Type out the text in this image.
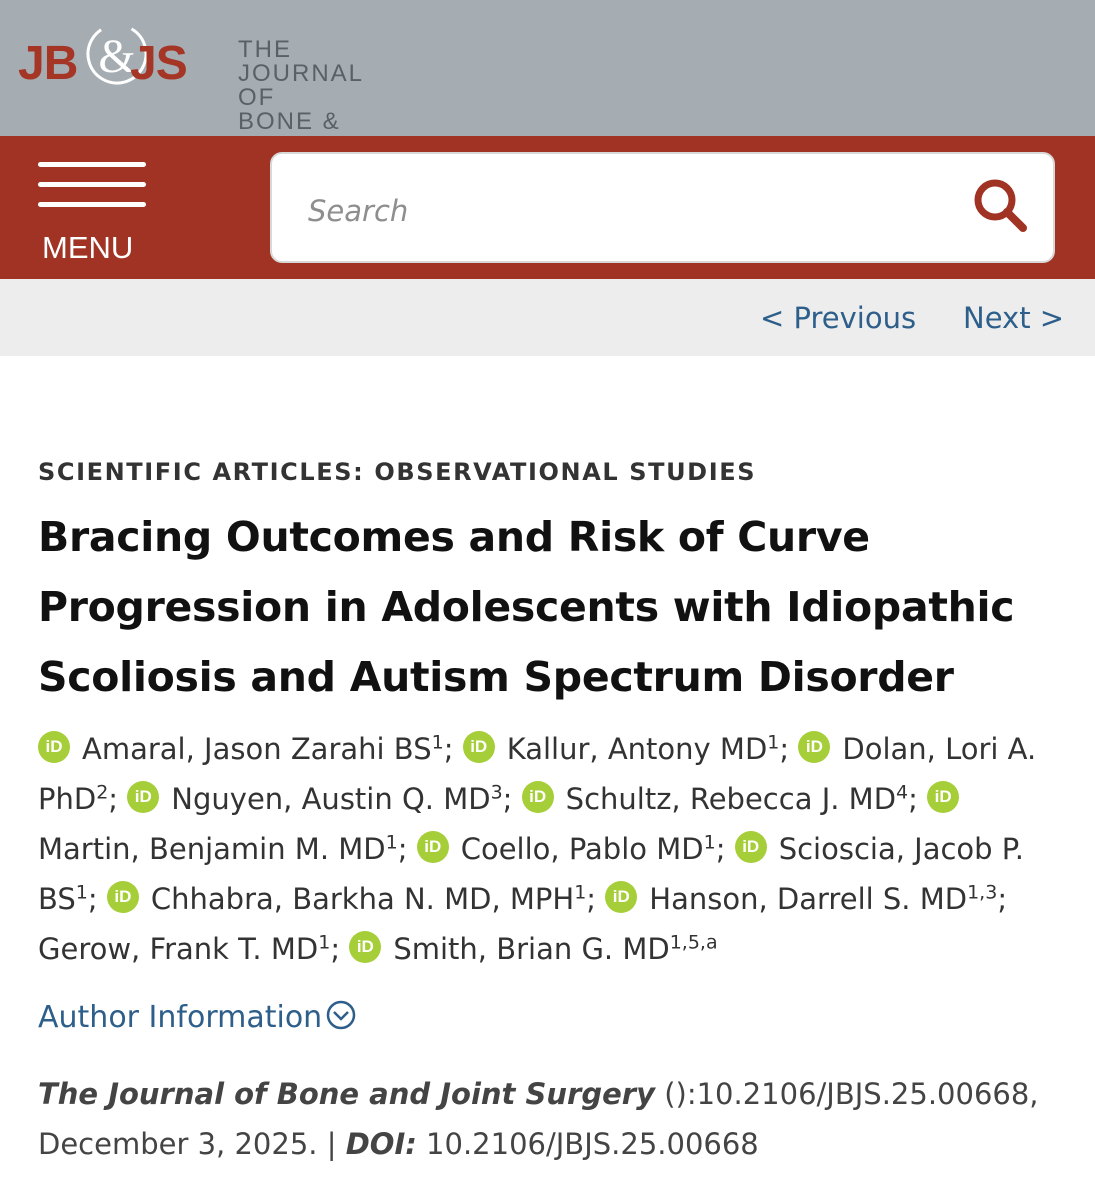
JB &
JS THE JOURNAL OF
BONE &
MENU
Search
< Previous Next >
SCIENTIFIC ARTICLES: OBSERVATIONAL STUDIES
Bracing Outcomes and Risk of Curve Progression in Adolescents with Idiopathic Scoliosis and Autism Spectrum Disorder
iDAmaral, Jason Zarahi $BS^1$; iD Kallur, Antony $MD^1$; iD Dolan, Lori A. PhD$^2$; iD Nguyen, Austin Q. $MD^3$; iD Schultz, Rebecca J. $MD^4$; iDMartin, Benjamin M. $MD^1$; iD Coello, Pablo $MD^1$; iD Scioscia, Jacob P. $BS^1$; iD Chhabra, Barkha N. MD, MPH$^1$; iD Hanson, Darrell S. MD$^{1,3}$; Gerow, Frank T. $MD^1$; iD Smith, Brian G. MD$^{1,5,a}$
Author Information
The Journal of Bone and Joint Surgery ():10.2106/JBJS.25.00668, December 3, 2025. | DOI: 10.2106/JBJS.25.00668
